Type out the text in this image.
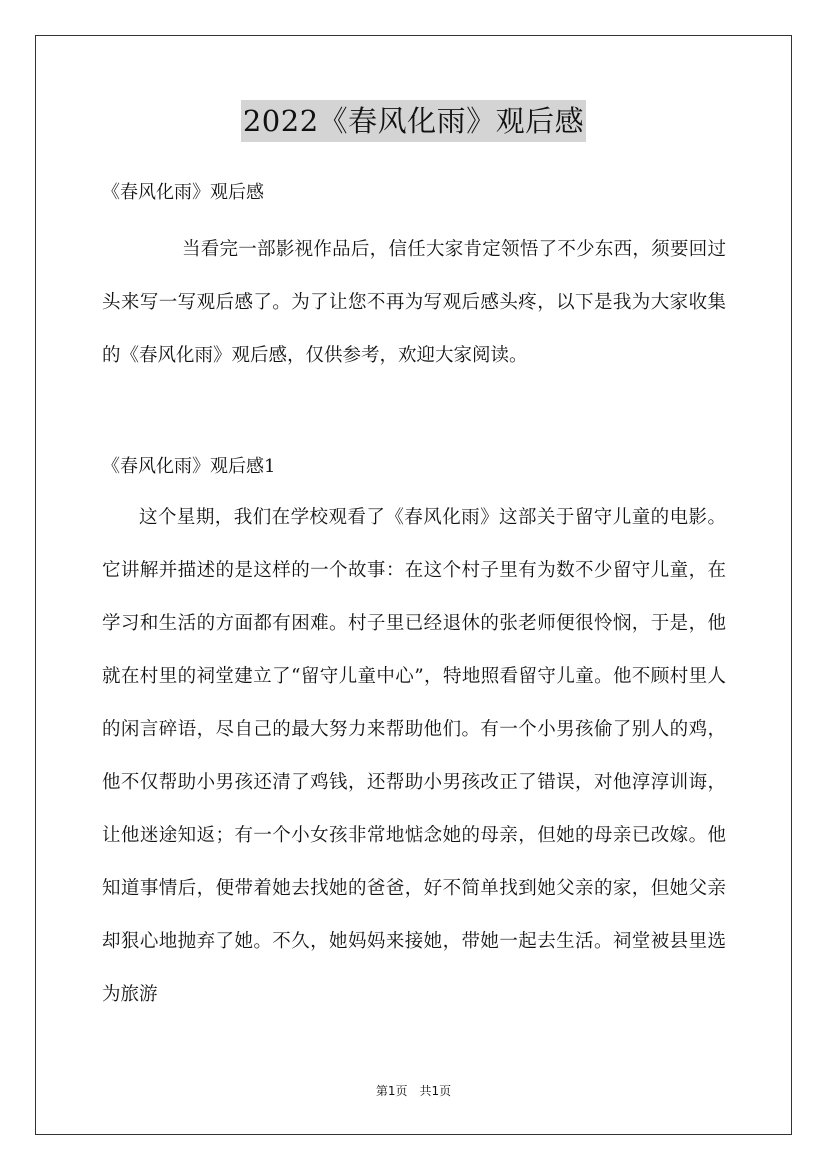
2022《春风化雨》观后感
《春风化雨》观后感

当看完一部影视作品后，信任大家肯定领悟了不少东西，须要回过头来写一写观后感了。为了让您不再为写观后感头疼，以下是我为大家收集的《春风化雨》观后感，仅供参考，欢迎大家阅读。

《春风化雨》观后感1

这个星期，我们在学校观看了《春风化雨》这部关于留守儿童的电影。它讲解并描述的是这样的一个故事：在这个村子里有为数不少留守儿童，在学习和生活的方面都有困难。村子里已经退休的张老师便很怜悯，于是，他就在村里的祠堂建立了“留守儿童中心”，特地照看留守儿童。他不顾村里人的闲言碎语，尽自己的最大努力来帮助他们。有一个小男孩偷了别人的鸡，他不仅帮助小男孩还清了鸡钱，还帮助小男孩改正了错误，对他淳淳训诲，让他迷途知返；有一个小女孩非常地惦念她的母亲，但她的母亲已改嫁。他知道事情后，便带着她去找她的爸爸，好不简单找到她父亲的家，但她父亲却狠心地抛弃了她。不久，她妈妈来接她，带她一起去生活。祠堂被县里选为旅游

第1页　共1页
